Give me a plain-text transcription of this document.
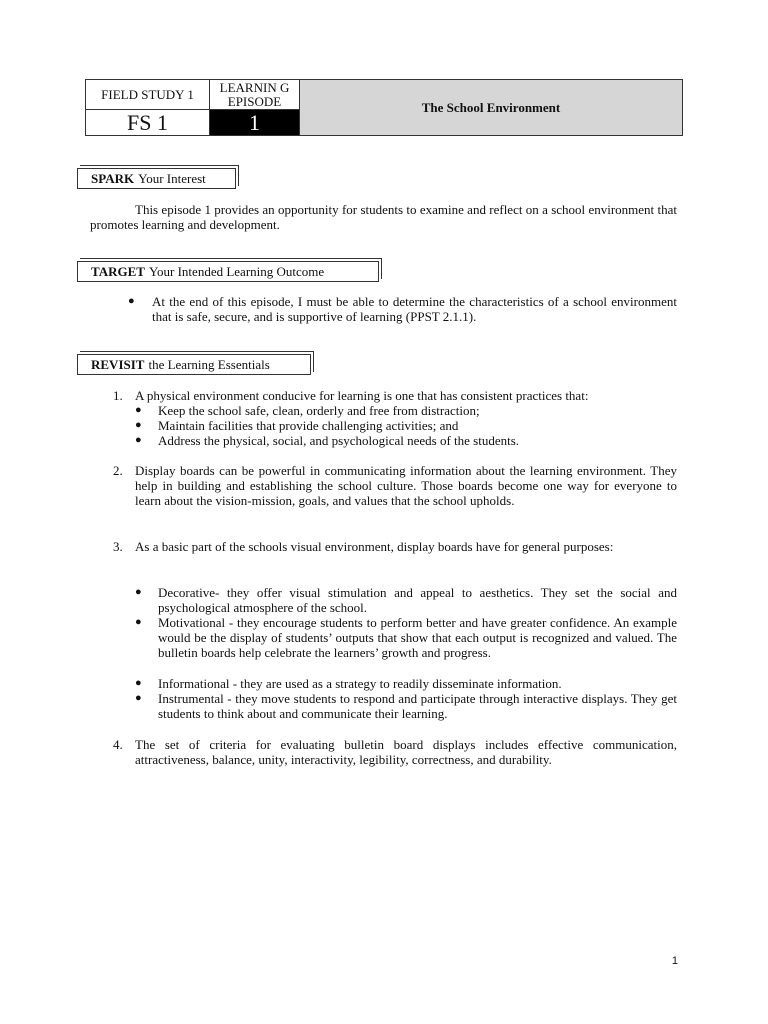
FIELD STUDY 1	LEARNIN G EPISODE	The School Environment
FS 1	1
SPARK Your Interest
This episode 1 provides an opportunity for students to examine and reflect on a school environment that promotes learning and development.
TARGET Your Intended Learning Outcome
● At the end of this episode, I must be able to determine the characteristics of a school environment that is safe, secure, and is supportive of learning (PPST 2.1.1).
REVISIT the Learning Essentials
1. A physical environment conducive for learning is one that has consistent practices that:
● Keep the school safe, clean, orderly and free from distraction;
● Maintain facilities that provide challenging activities; and
● Address the physical, social, and psychological needs of the students.
2. Display boards can be powerful in communicating information about the learning environment. They help in building and establishing the school culture. Those boards become one way for everyone to learn about the vision-mission, goals, and values that the school upholds.
3. As a basic part of the schools visual environment, display boards have for general purposes:
● Decorative- they offer visual stimulation and appeal to aesthetics. They set the social and psychological atmosphere of the school.
● Motivational - they encourage students to perform better and have greater confidence. An example would be the display of students’ outputs that show that each output is recognized and valued. The bulletin boards help celebrate the learners’ growth and progress.
● Informational - they are used as a strategy to readily disseminate information.
● Instrumental - they move students to respond and participate through interactive displays. They get students to think about and communicate their learning.
4. The set of criteria for evaluating bulletin board displays includes effective communication, attractiveness, balance, unity, interactivity, legibility, correctness, and durability.
1
